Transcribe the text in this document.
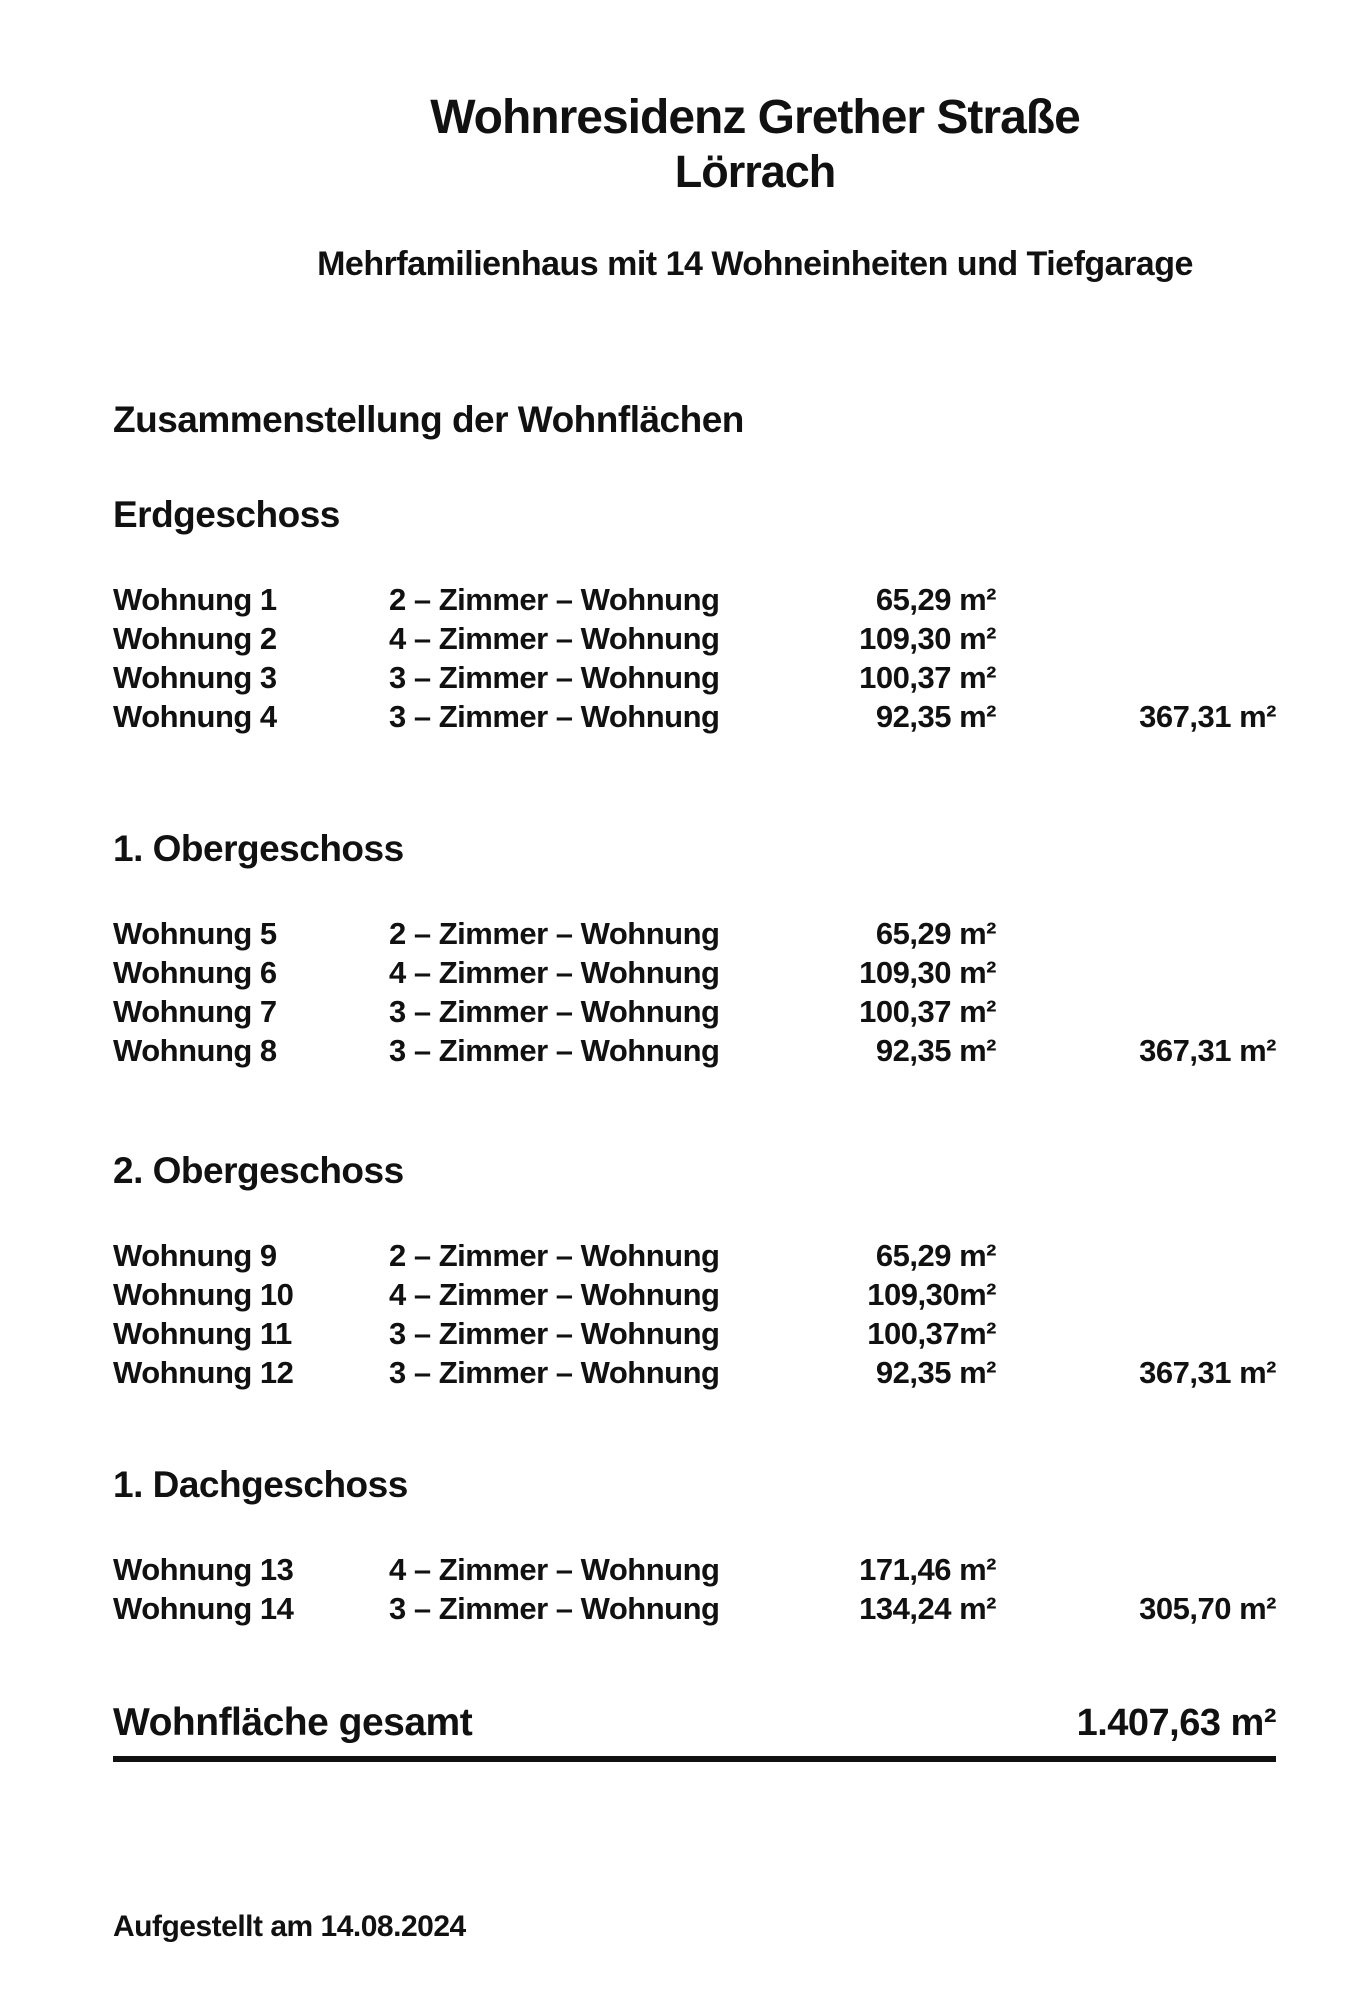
Wohnresidenz Grether Straße
Lörrach
Mehrfamilienhaus mit 14 Wohneinheiten und Tiefgarage
Zusammenstellung der Wohnflächen
Erdgeschoss
Wohnung 1	2 – Zimmer – Wohnung	65,29 m²
Wohnung 2	4 – Zimmer – Wohnung	109,30 m²
Wohnung 3	3 – Zimmer – Wohnung	100,37 m²
Wohnung 4	3 – Zimmer – Wohnung	92,35 m²	367,31 m²
1. Obergeschoss
Wohnung 5	2 – Zimmer – Wohnung	65,29 m²
Wohnung 6	4 – Zimmer – Wohnung	109,30 m²
Wohnung 7	3 – Zimmer – Wohnung	100,37 m²
Wohnung 8	3 – Zimmer – Wohnung	92,35 m²	367,31 m²
2. Obergeschoss
Wohnung 9	2 – Zimmer – Wohnung	65,29 m²
Wohnung 10	4 – Zimmer – Wohnung	109,30m²
Wohnung 11	3 – Zimmer – Wohnung	100,37m²
Wohnung 12	3 – Zimmer – Wohnung	92,35 m²	367,31 m²
1. Dachgeschoss
Wohnung 13	4 – Zimmer – Wohnung	171,46 m²
Wohnung 14	3 – Zimmer – Wohnung	134,24 m²	305,70 m²
Wohnfläche gesamt	1.407,63 m²
Aufgestellt am 14.08.2024
